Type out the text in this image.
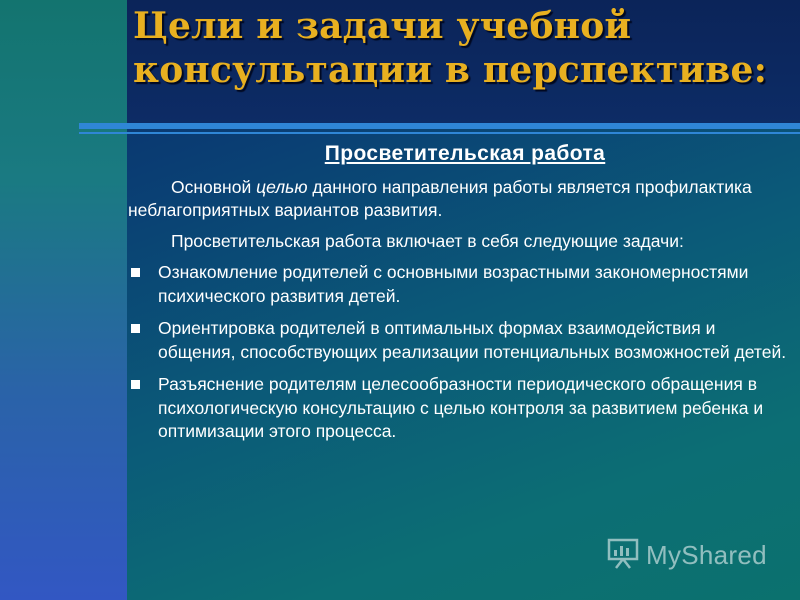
Цели и задачи учебной консультации в перспективе:
Просветительская работа

Основной целью данного направления работы является профилактика неблагоприятных вариантов развития.

Просветительская работа включает в себя следующие задачи:

Ознакомление родителей с основными возрастными закономерностями психического развития детей.
Ориентировка родителей в оптимальных формах взаимодействия и общения, способствующих реализации потенциальных возможностей детей.
Разъяснение родителям целесообразности периодического обращения в психологическую консультацию с целью контроля за развитием ребенка и оптимизации этого процесса.
MyShared
